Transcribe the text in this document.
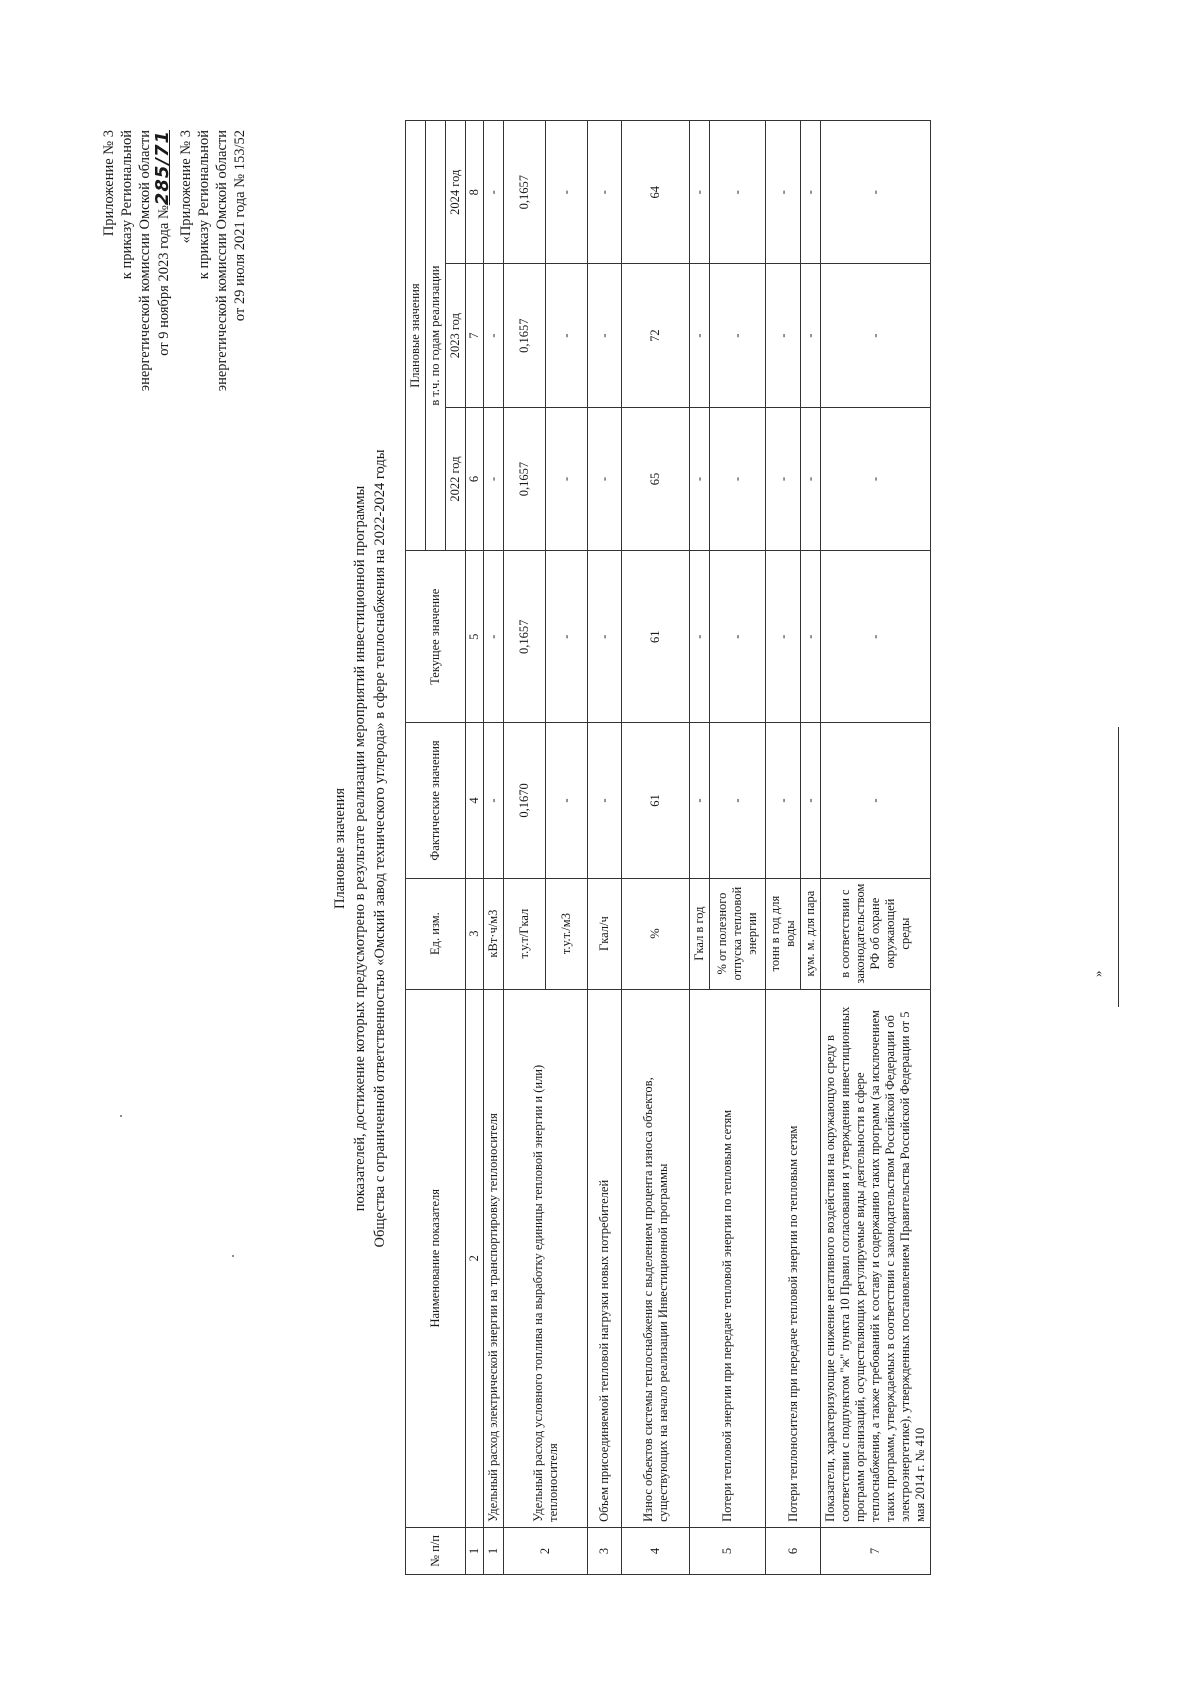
Приложение № 3 к приказу Региональной энергетической комиссии Омской области от 9 ноября 2023 года №285/71 «Приложение № 3 к приказу Региональной энергетической комиссии Омской области от 29 июля 2021 года № 153/52
Плановые значения показателей, достижение которых предусмотрено в результате реализации мероприятий инвестиционной программы Общества с ограниченной ответственностью «Омский завод технического углерода» в сфере теплоснабжения на 2022-2024 годы
№ п/п	Наименование показателя	Ед. изм.	Фактические значения	Текущее значение	Плановые значения		
					в т.ч. по годам реализации		
					2022 год	2023 год	2024 год
1	2	3	4	5	6	7	8
1	Удельный расход электрической энергии на транспортировку теплоносителя	кВт·ч/м3	-	-	-	-	-
2	Удельный расход условного топлива на выработку единицы тепловой энергии и (или) теплоносителя	т.у.т/Гкал	0,1670	0,1657	0,1657	0,1657	0,1657
		т.у.т./м3	-	-	-	-	-
3	Объем присоединяемой тепловой нагрузки новых потребителей	Гкал/ч	-	-	-	-	-
4	Износ объектов системы теплоснабжения с выделением процента износа объектов, существующих на начало реализации Инвестиционной программы	%	61	61	65	72	64
5	Потери тепловой энергии при передаче тепловой энергии по тепловым сетям	Гкал в год	-	-	-	-	-
		% от полезного отпуска тепловой энергии	-	-	-	-	-
6	Потери теплоносителя при передаче тепловой энергии по тепловым сетям	тонн в год для воды	-	-	-	-	-
		кум. м. для пара	-	-	-	-	-
7	Показатели, характеризующие снижение негативного воздействия на окружающую среду в соответствии с подпунктом "ж" пункта 10 Правил согласования и утверждения инвестиционных программ организаций, осуществляющих регулируемые виды деятельности в сфере теплоснабжения, а также требований к составу и содержанию таких программ (за исключением таких программ, утверждаемых в соответствии с законодательством Российской Федерации об электроэнергетике), утвержденных постановлением Правительства Российской Федерации от 5 мая 2014 г. № 410	в соответствии с законодательством РФ об охране окружающей среды	-	-	-	-	-
»
